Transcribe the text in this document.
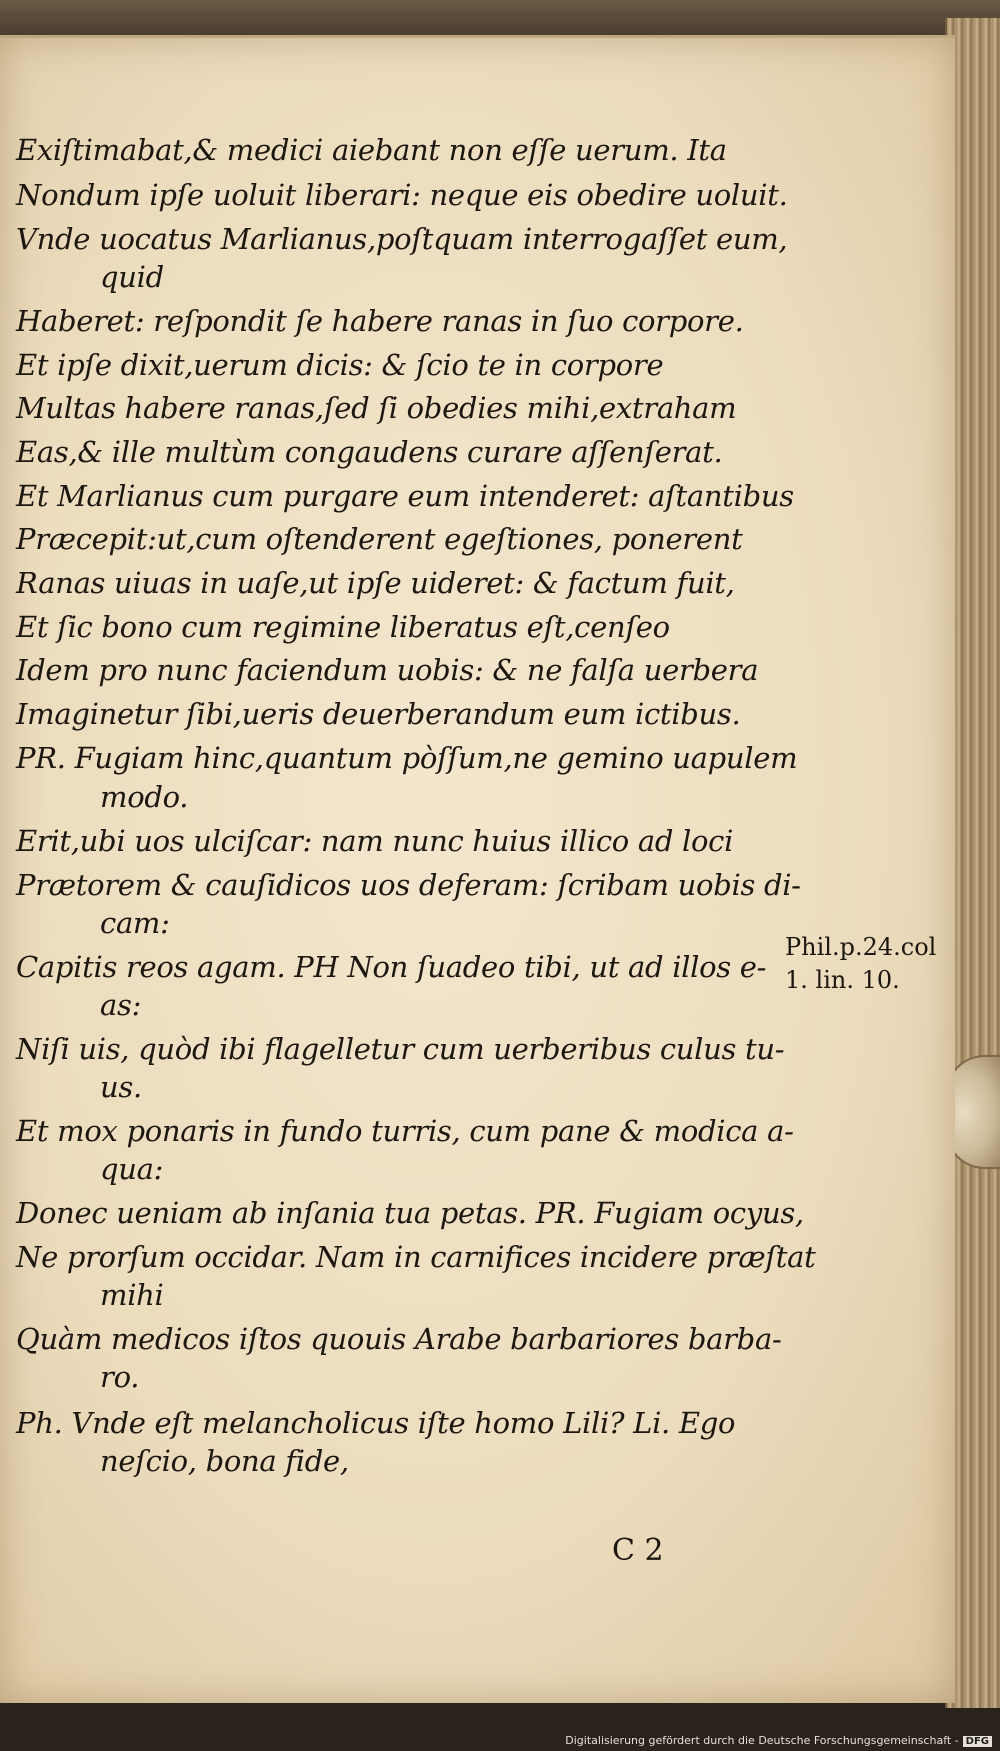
Exiſtimabat,& medici aiebant non eſſe uerum. Ita
Nondum ipſe uoluit liberari: neque eis obedire uoluit.
Vnde uocatus Marlianus,poſtquam interrogaſſet eum,
quid
Haberet: reſpondit ſe habere ranas in ſuo corpore.
Et ipſe dixit,uerum dicis: & ſcio te in corpore
Multas habere ranas,ſed ſi obedies mihi,extraham
Eas,& ille multùm congaudens curare aſſenſerat.
Et Marlianus cum purgare eum intenderet: aſtantibus
Præcepit:ut,cum oſtenderent egeſtiones, ponerent
Ranas uiuas in uaſe,ut ipſe uideret: & factum fuit,
Et ſic bono cum regimine liberatus eſt,cenſeo
Idem pro nunc faciendum uobis: & ne falſa uerbera
Imaginetur ſibi,ueris deuerberandum eum ictibus.
PR. Fugiam hinc,quantum pòſſum,ne gemino uapulem
modo.
Erit,ubi uos ulciſcar: nam nunc huius illico ad loci
Prætorem & cauſidicos uos deferam: ſcribam uobis di-
cam:
Capitis reos agam. PH Non ſuadeo tibi, ut ad illos e-
as:
Niſi uis, quòd ibi flagelletur cum uerberibus culus tu-
us.
Et mox ponaris in fundo turris, cum pane & modica a-
qua:
Donec ueniam ab inſania tua petas. PR. Fugiam ocyus,
Ne prorſum occidar. Nam in carnifices incidere præſtat
mihi
Quàm medicos iſtos quouis Arabe barbariores barba-
ro.
Ph. Vnde eſt melancholicus iſte homo Lili? Li. Ego
neſcio, bona fide,
Phil.p.24.col
1. lin. 10.
C 2
Digitalisierung gefördert durch die Deutsche Forschungsgemeinschaft - DFG
